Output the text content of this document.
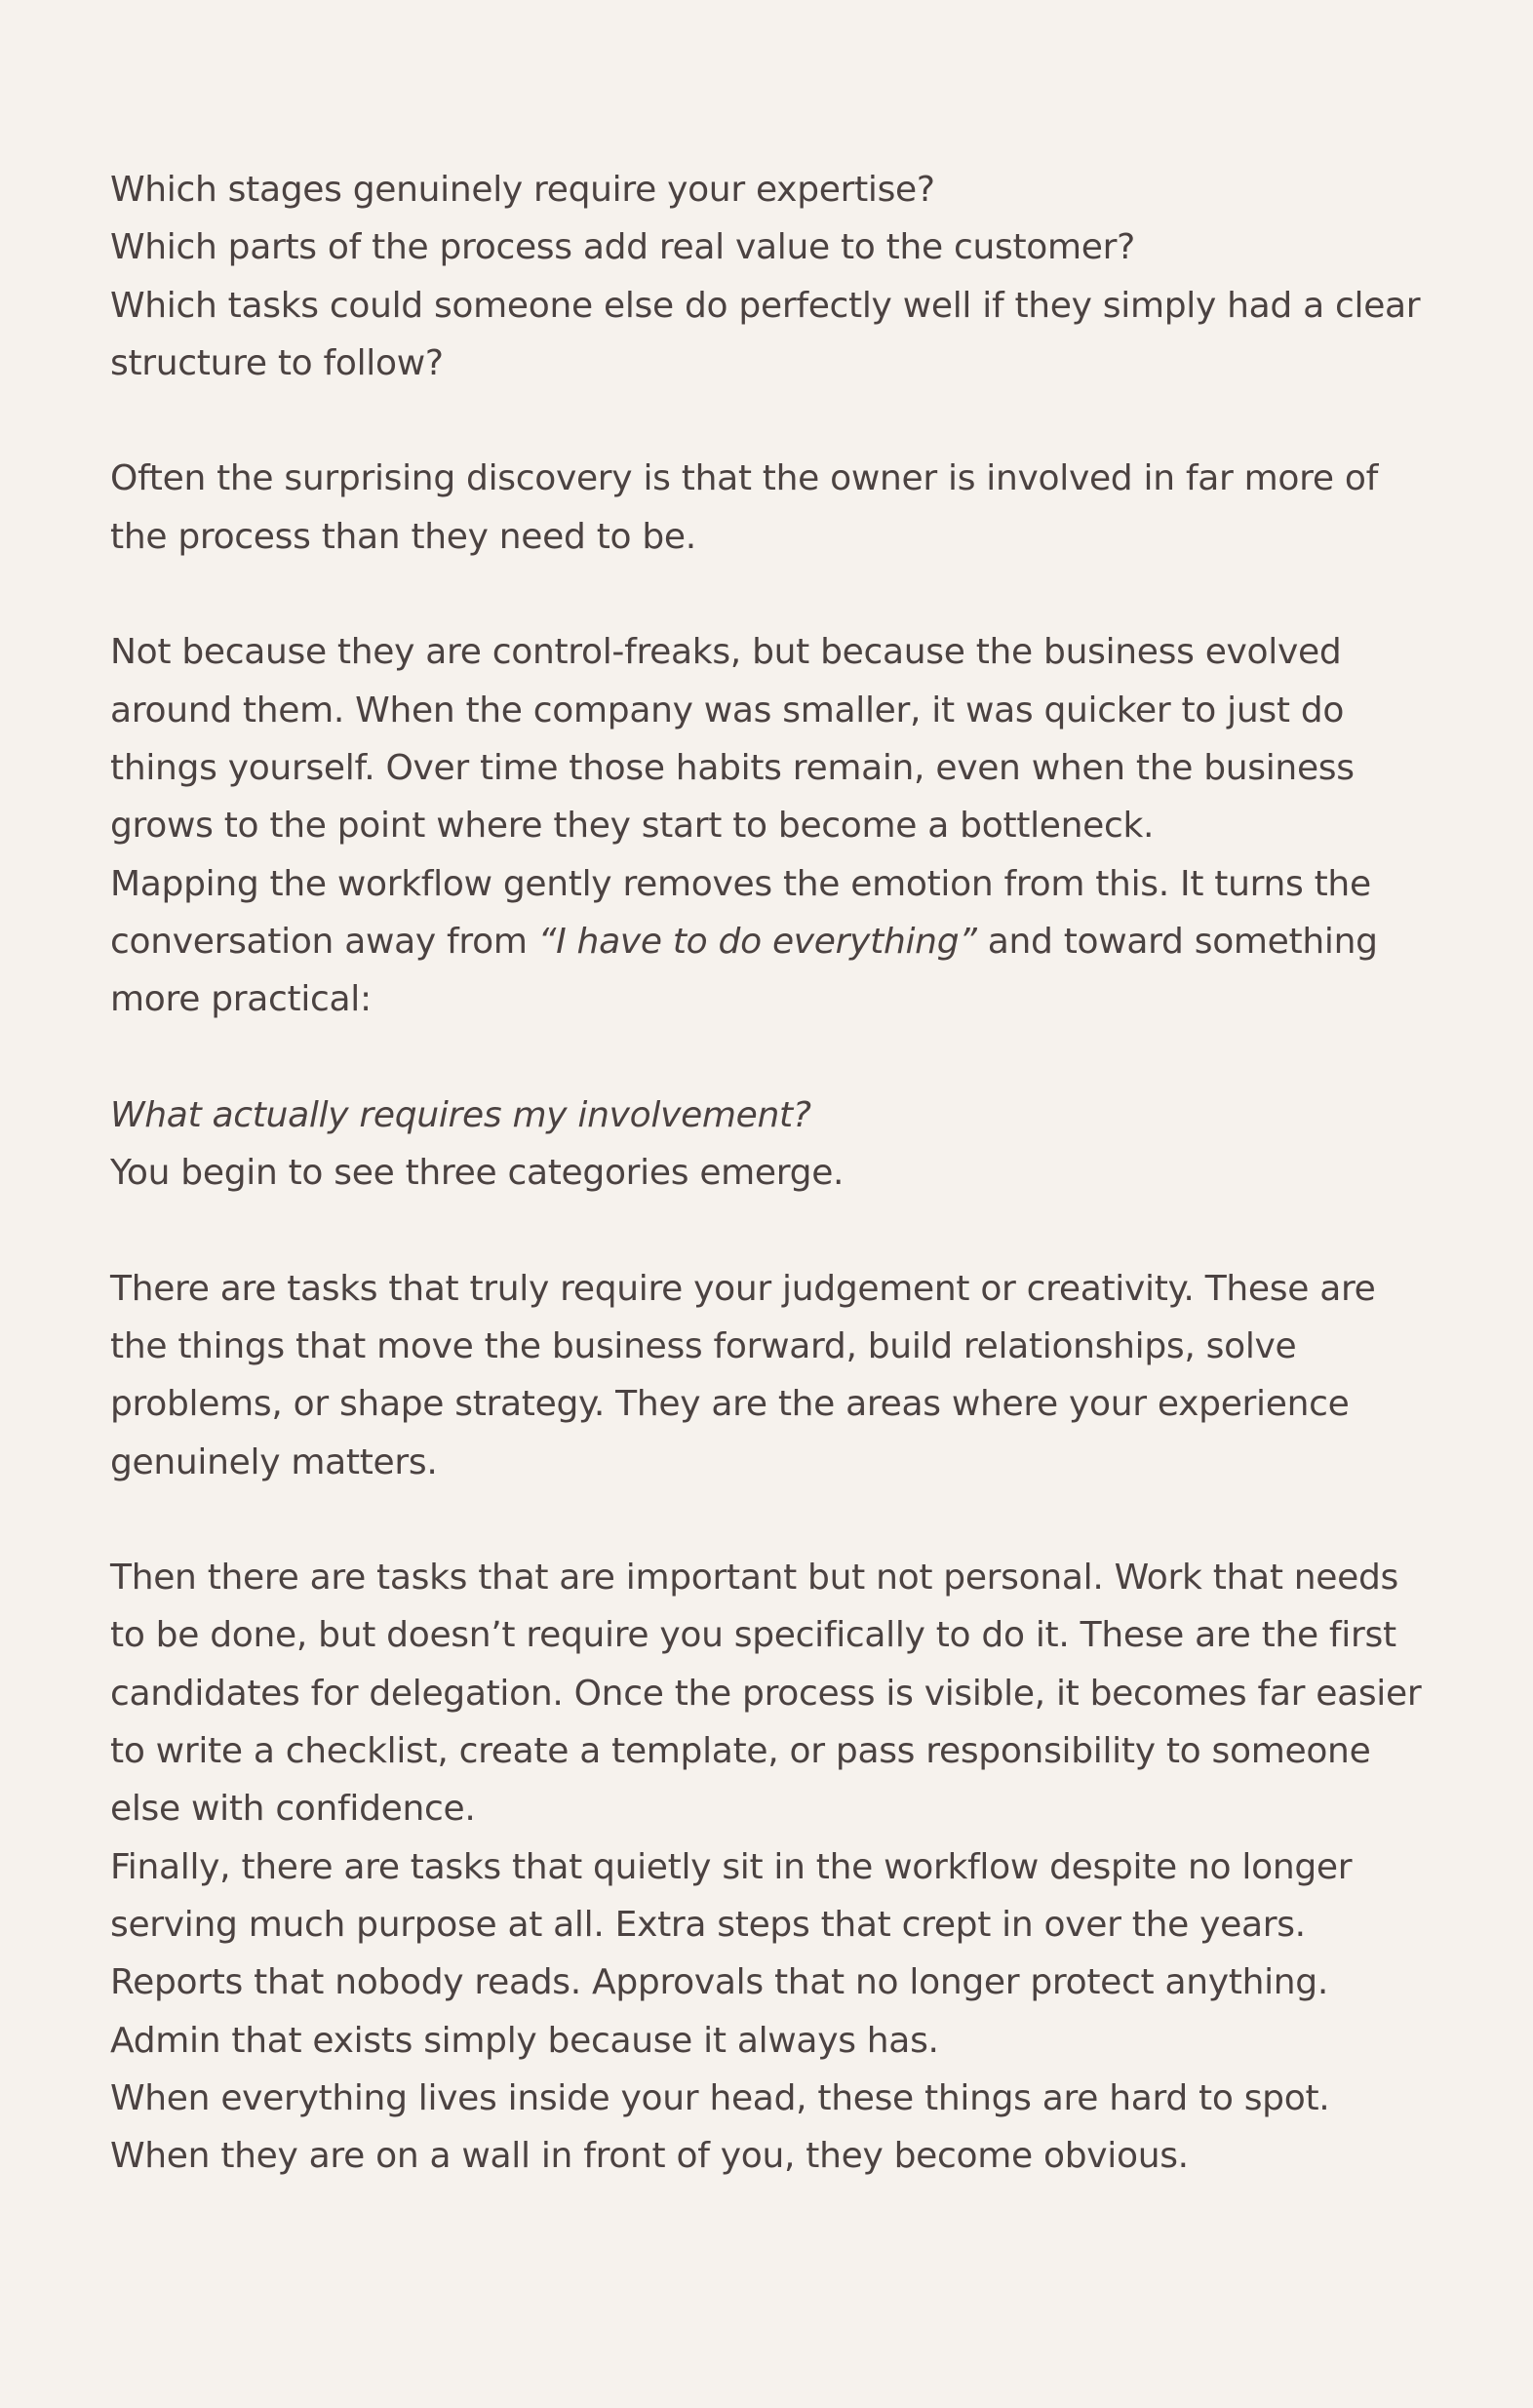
Which stages genuinely require your expertise?

Which parts of the process add real value to the customer?

Which tasks could someone else do perfectly well if they simply had a clear structure to follow?

Often the surprising discovery is that the owner is involved in far more of the process than they need to be.

Not because they are control-freaks, but because the business evolved around them. When the company was smaller, it was quicker to just do things yourself. Over time those habits remain, even when the business grows to the point where they start to become a bottleneck.

Mapping the workflow gently removes the emotion from this. It turns the conversation away from “I have to do everything” and toward something more practical:

What actually requires my involvement?

You begin to see three categories emerge.

There are tasks that truly require your judgement or creativity. These are the things that move the business forward, build relationships, solve problems, or shape strategy. They are the areas where your experience genuinely matters.

Then there are tasks that are important but not personal. Work that needs to be done, but doesn’t require you specifically to do it. These are the first candidates for delegation. Once the process is visible, it becomes far easier to write a checklist, create a template, or pass responsibility to someone else with confidence.

Finally, there are tasks that quietly sit in the workflow despite no longer serving much purpose at all. Extra steps that crept in over the years. Reports that nobody reads. Approvals that no longer protect anything. Admin that exists simply because it always has.

When everything lives inside your head, these things are hard to spot.

When they are on a wall in front of you, they become obvious.
